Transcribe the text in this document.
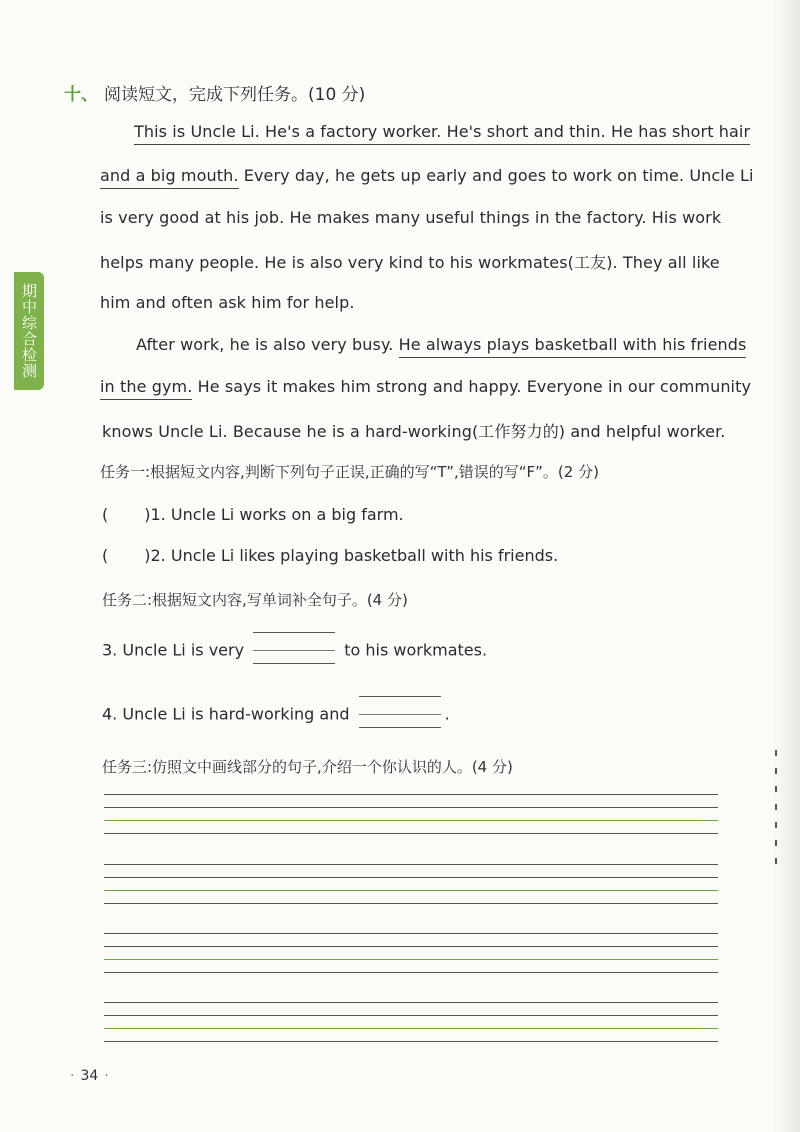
期中综合检测
十、 阅读短文，完成下列任务。(10 分)
This is Uncle Li. He's a factory worker. He's short and thin. He has short hair
and a big mouth. Every day, he gets up early and goes to work on time. Uncle Li
is very good at his job. He makes many useful things in the factory. His work
helps many people. He is also very kind to his workmates(工友). They all like
him and often ask him for help.
After work, he is also very busy. He always plays basketball with his friends
in the gym. He says it makes him strong and happy. Everyone in our community
knows Uncle Li. Because he is a hard-working(工作努力的) and helpful worker.
任务一:根据短文内容,判断下列句子正误,正确的写“T”,错误的写“F”。(2 分)
( )1. Uncle Li works on a big farm.
( )2. Uncle Li likes playing basketball with his friends.
任务二:根据短文内容,写单词补全句子。(4 分)
3. Uncle Li is very	to his workmates.
4. Uncle Li is hard-working and	.
任务三:仿照文中画线部分的句子,介绍一个你认识的人。(4 分)
· 34 ·
